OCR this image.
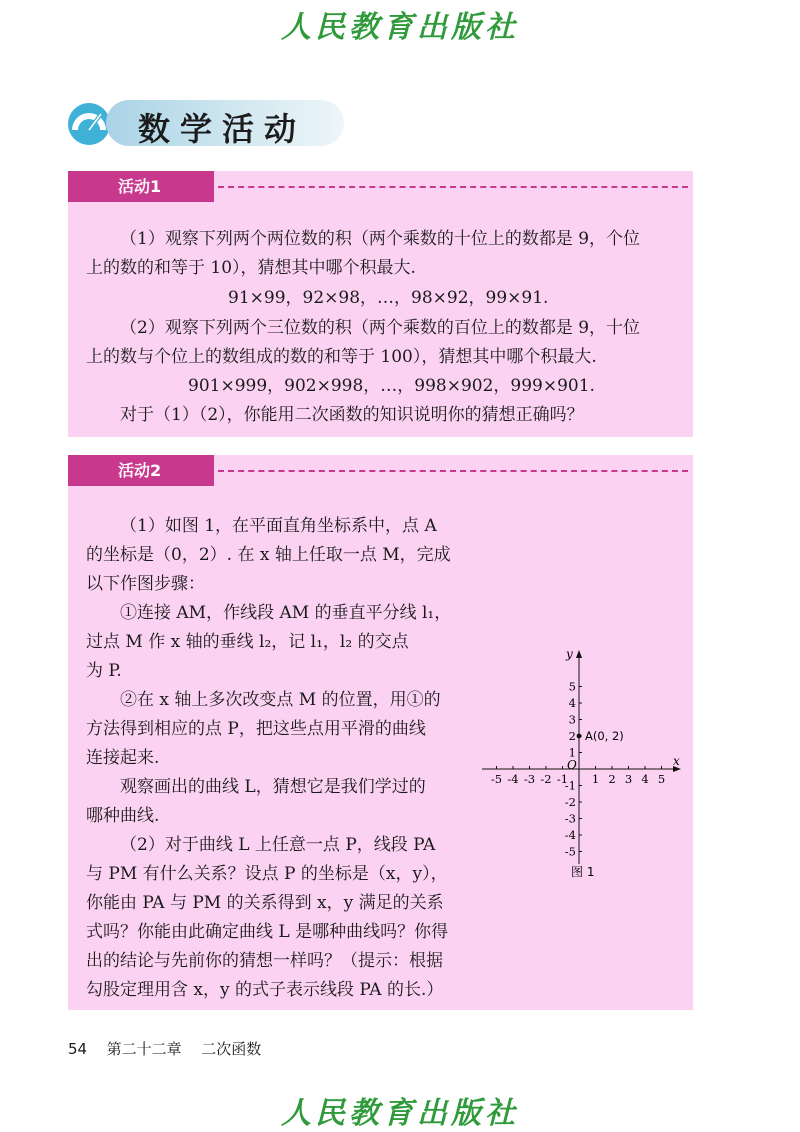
人民教育出版社
数学活动
活动1
（1）观察下列两个两位数的积（两个乘数的十位上的数都是 9，个位
上的数的和等于 10），猜想其中哪个积最大.
91×99，92×98，…，98×92，99×91.
（2）观察下列两个三位数的积（两个乘数的百位上的数都是 9，十位
上的数与个位上的数组成的数的和等于 100），猜想其中哪个积最大.
901×999，902×998，…，998×902，999×901.
对于（1）（2），你能用二次函数的知识说明你的猜想正确吗？
活动2
（1）如图 1，在平面直角坐标系中，点 A
的坐标是（0，2）. 在 x 轴上任取一点 M，完成
以下作图步骤：
①连接 AM，作线段 AM 的垂直平分线 l₁，
过点 M 作 x 轴的垂线 l₂，记 l₁，l₂ 的交点
为 P.
②在 x 轴上多次改变点 M 的位置，用①的
方法得到相应的点 P，把这些点用平滑的曲线
连接起来.
观察画出的曲线 L，猜想它是我们学过的
哪种曲线.
（2）对于曲线 L 上任意一点 P，线段 PA
与 PM 有什么关系？设点 P 的坐标是（x，y），
你能由 PA 与 PM 的关系得到 x，y 满足的关系
式吗？你能由此确定曲线 L 是哪种曲线吗？你得
出的结论与先前你的猜想一样吗？（提示：根据
勾股定理用含 x，y 的式子表示线段 PA 的长.）
-5 -4 -3 -2 -1 1 2 3 4 5
5
4
3
2
1
-1
-2
-3
-4
-5
x
y
O
A(0, 2)
图 1
54 第二十二章 二次函数
人民教育出版社
